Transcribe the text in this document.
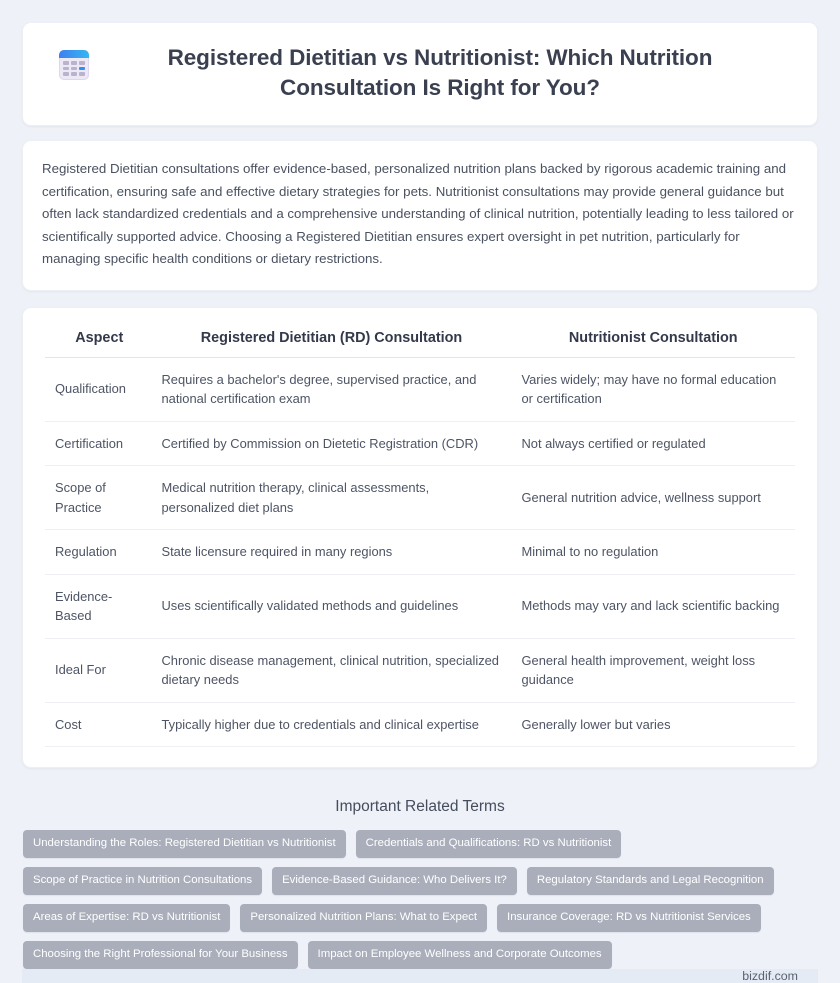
Registered Dietitian vs Nutritionist: Which Nutrition Consultation Is Right for You?

Registered Dietitian consultations offer evidence-based, personalized nutrition plans backed by rigorous academic training and certification, ensuring safe and effective dietary strategies for pets. Nutritionist consultations may provide general guidance but often lack standardized credentials and a comprehensive understanding of clinical nutrition, potentially leading to less tailored or scientifically supported advice. Choosing a Registered Dietitian ensures expert oversight in pet nutrition, particularly for managing specific health conditions or dietary restrictions.

Aspect	Registered Dietitian (RD) Consultation	Nutritionist Consultation
Qualification	Requires a bachelor's degree, supervised practice, and national certification exam	Varies widely; may have no formal education or certification
Certification	Certified by Commission on Dietetic Registration (CDR)	Not always certified or regulated
Scope of Practice	Medical nutrition therapy, clinical assessments, personalized diet plans	General nutrition advice, wellness support
Regulation	State licensure required in many regions	Minimal to no regulation
Evidence-Based	Uses scientifically validated methods and guidelines	Methods may vary and lack scientific backing
Ideal For	Chronic disease management, clinical nutrition, specialized dietary needs	General health improvement, weight loss guidance
Cost	Typically higher due to credentials and clinical expertise	Generally lower but varies
Important Related Terms
Understanding the Roles: Registered Dietitian vs Nutritionist	Credentials and Qualifications: RD vs Nutritionist
Scope of Practice in Nutrition Consultations	Evidence-Based Guidance: Who Delivers It?	Regulatory Standards and Legal Recognition
Areas of Expertise: RD vs Nutritionist	Personalized Nutrition Plans: What to Expect	Insurance Coverage: RD vs Nutritionist Services
Choosing the Right Professional for Your Business	Impact on Employee Wellness and Corporate Outcomes
bizdif.com
